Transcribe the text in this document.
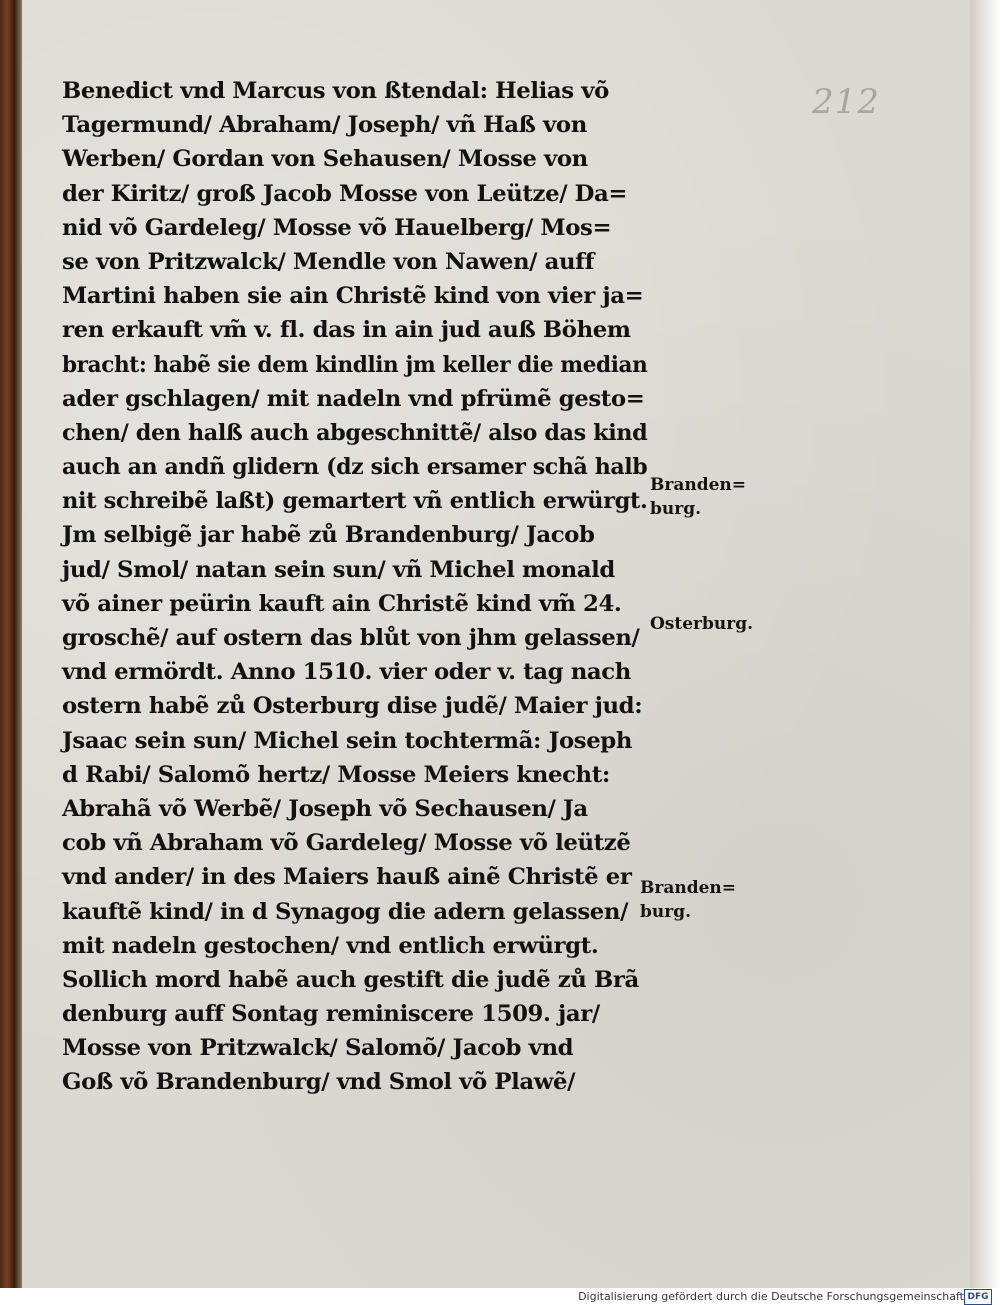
212
Benedict vnd Marcus von ßtendal: Helias võ
Tagermund/ Abraham/ Joseph/ vñ Haß von
Werben/ Gordan von Sehausen/ Mosse von
der Kiritz/ groß Jacob Mosse von Leütze/ Da=
nid võ Gardeleg/ Mosse võ Hauelberg/ Mos=
se von Pritzwalck/ Mendle von Nawen/ auff
Martini haben sie ain Christẽ kind von vier ja=
ren erkauft vm̃ v. fl. das in ain jud auß Böhem
bracht: habẽ sie dem kindlin jm keller die median
ader gschlagen/ mit nadeln vnd pfrümẽ gesto=
chen/ den halß auch abgeschnittẽ/ also das kind
auch an andñ glidern (dz sich ersamer schã halb
nit schreibẽ laßt) gemartert vñ entlich erwürgt.
Jm selbigẽ jar habẽ zů Brandenburg/ Jacob
jud/ Smol/ natan sein sun/ vñ Michel monald
võ ainer peürin kauft ain Christẽ kind vm̃ 24.
groschẽ/ auf ostern das blůt von jhm gelassen/
vnd ermördt. Anno 1510. vier oder v. tag nach
ostern habẽ zů Osterburg dise judẽ/ Maier jud:
Jsaac sein sun/ Michel sein tochtermã: Joseph
d Rabi/ Salomõ hertz/ Mosse Meiers knecht:
Abrahã võ Werbẽ/ Joseph võ Sechausen/ Ja
cob vñ Abraham võ Gardeleg/ Mosse võ leützẽ
vnd ander/ in des Maiers hauß ainẽ Christẽ er
kauftẽ kind/ in d Synagog die adern gelassen/
mit nadeln gestochen/ vnd entlich erwürgt.
Sollich mord habẽ auch gestift die judẽ zů Brã
denburg auff Sontag reminiscere 1509. jar/
Mosse von Pritzwalck/ Salomõ/ Jacob vnd
Goß võ Brandenburg/ vnd Smol võ Plawẽ/
Branden=
burg.
Osterburg.
Branden=
burg.
Digitalisierung gefördert durch die Deutsche Forschungsgemeinschaft DFG
